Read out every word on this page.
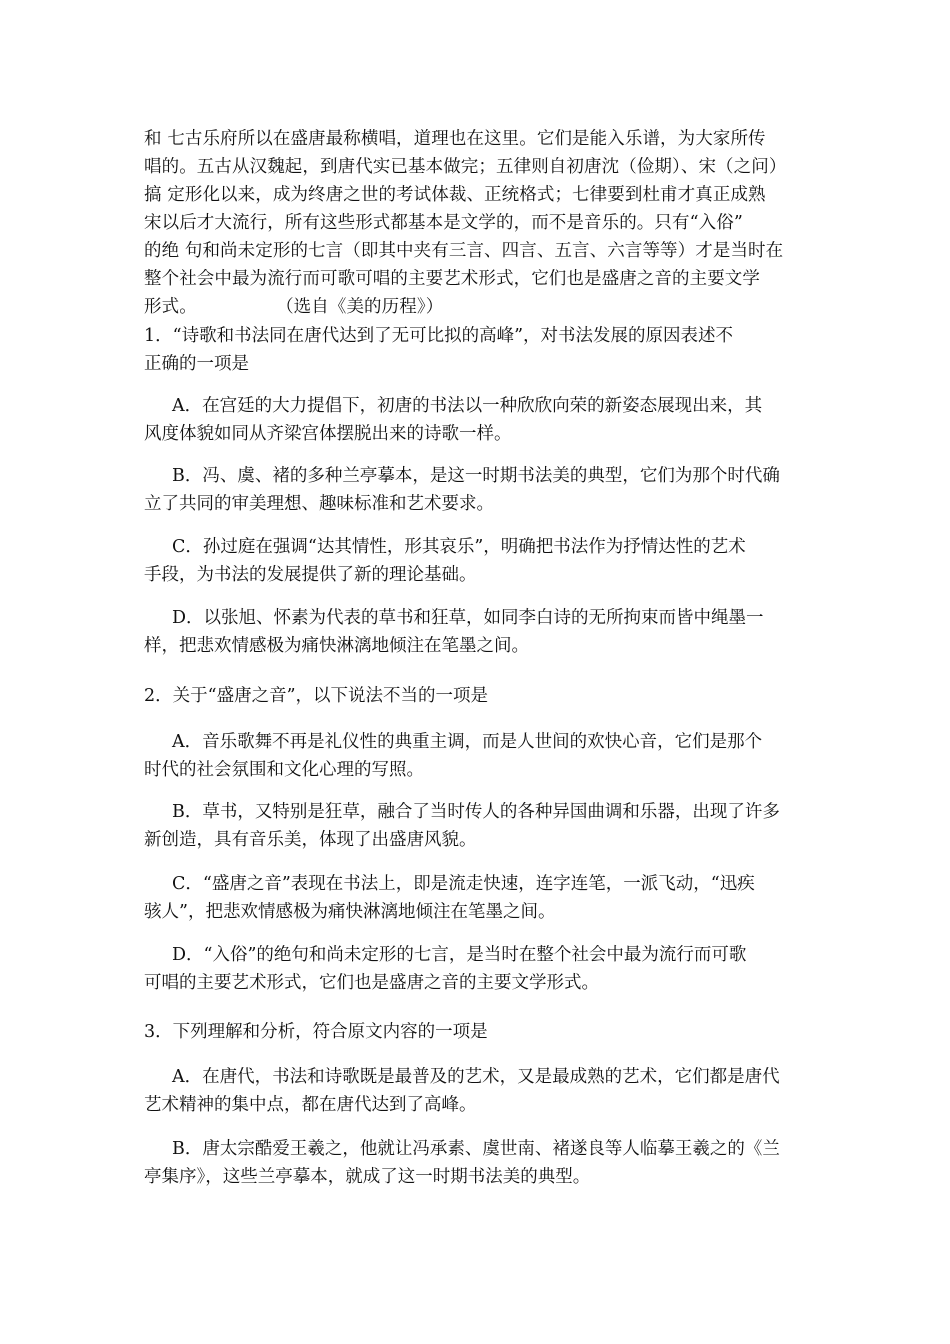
和 七古乐府所以在盛唐最称横唱，道理也在这里。它们是能入乐谱，为大家所传
唱的。五古从汉魏起，到唐代实已基本做完；五律则自初唐沈（俭期）、宋（之问）
搞 定形化以来，成为终唐之世的考试体裁、正统格式；七律要到杜甫才真正成熟
宋以后才大流行，所有这些形式都基本是文学的，而不是音乐的。只有“入俗”
的绝 句和尚未定形的七言（即其中夹有三言、四言、五言、六言等等）才是当时在
整个社会中最为流行而可歌可唱的主要艺术形式，它们也是盛唐之音的主要文学
形式。	（选自《美的历程》）
1．“诗歌和书法同在唐代达到了无可比拟的高峰”，对书法发展的原因表述不
正确的一项是
A．在宫廷的大力提倡下，初唐的书法以一种欣欣向荣的新姿态展现出来，其
风度体貌如同从齐梁宫体摆脱出来的诗歌一样。
B．冯、虞、褚的多种兰亭摹本，是这一时期书法美的典型，它们为那个时代确
立了共同的审美理想、趣味标准和艺术要求。
C．孙过庭在强调“达其情性，形其哀乐”，明确把书法作为抒情达性的艺术
手段，为书法的发展提供了新的理论基础。
D．以张旭、怀素为代表的草书和狂草，如同李白诗的无所拘束而皆中绳墨一
样，把悲欢情感极为痛快淋漓地倾注在笔墨之间。
2．关于“盛唐之音”，以下说法不当的一项是
A．音乐歌舞不再是礼仪性的典重主调，而是人世间的欢快心音，它们是那个
时代的社会氛围和文化心理的写照。
B．草书，又特别是狂草，融合了当时传人的各种异国曲调和乐器，出现了许多
新创造，具有音乐美，体现了出盛唐风貌。
C．“盛唐之音”表现在书法上，即是流走快速，连字连笔，一派飞动，“迅疾
骇人”，把悲欢情感极为痛快淋漓地倾注在笔墨之间。
D．“入俗”的绝句和尚未定形的七言，是当时在整个社会中最为流行而可歌
可唱的主要艺术形式，它们也是盛唐之音的主要文学形式。
3．下列理解和分析，符合原文内容的一项是
A．在唐代，书法和诗歌既是最普及的艺术，又是最成熟的艺术，它们都是唐代
艺术精神的集中点，都在唐代达到了高峰。
B．唐太宗酷爱王羲之，他就让冯承素、虞世南、褚遂良等人临摹王羲之的《兰
亭集序》，这些兰亭摹本，就成了这一时期书法美的典型。
